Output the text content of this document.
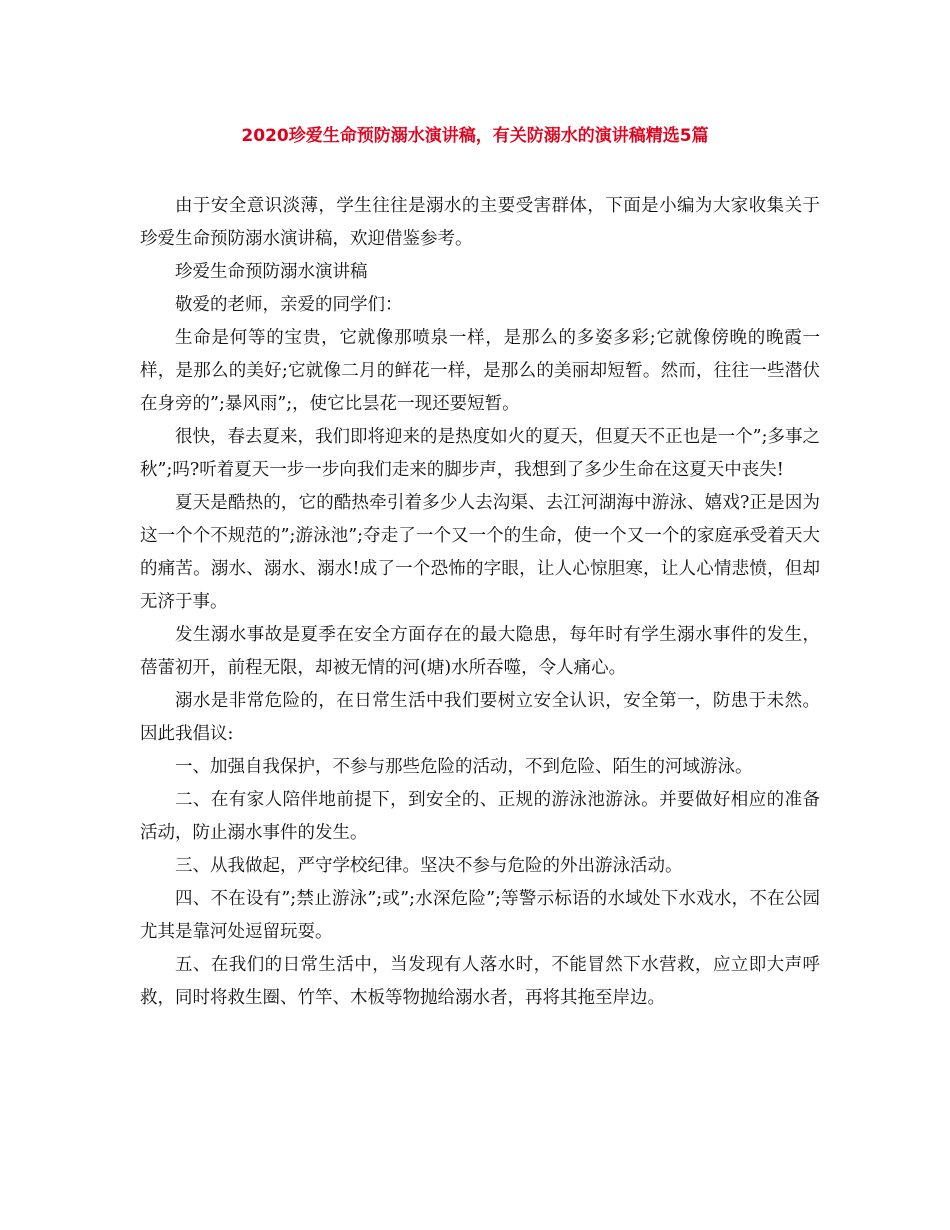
2020珍爱生命预防溺水演讲稿，有关防溺水的演讲稿精选5篇

由于安全意识淡薄，学生往往是溺水的主要受害群体，下面是小编为大家收集关于珍爱生命预防溺水演讲稿，欢迎借鉴参考。

珍爱生命预防溺水演讲稿

敬爱的老师，亲爱的同学们：

生命是何等的宝贵，它就像那喷泉一样，是那么的多姿多彩;它就像傍晚的晚霞一样，是那么的美好;它就像二月的鲜花一样，是那么的美丽却短暂。然而，往往一些潜伏在身旁的”;暴风雨”;，使它比昙花一现还要短暂。

很快，春去夏来，我们即将迎来的是热度如火的夏天，但夏天不正也是一个”;多事之秋”;吗?听着夏天一步一步向我们走来的脚步声，我想到了多少生命在这夏天中丧失!

夏天是酷热的，它的酷热牵引着多少人去沟渠、去江河湖海中游泳、嬉戏?正是因为这一个个不规范的”;游泳池”;夺走了一个又一个的生命，使一个又一个的家庭承受着天大的痛苦。溺水、溺水、溺水!成了一个恐怖的字眼，让人心惊胆寒，让人心情悲愤，但却无济于事。

发生溺水事故是夏季在安全方面存在的最大隐患，每年时有学生溺水事件的发生，蓓蕾初开，前程无限，却被无情的河(塘)水所吞噬，令人痛心。

溺水是非常危险的，在日常生活中我们要树立安全认识，安全第一，防患于未然。因此我倡议:

一、加强自我保护，不参与那些危险的活动，不到危险、陌生的河域游泳。

二、在有家人陪伴地前提下，到安全的、正规的游泳池游泳。并要做好相应的准备活动，防止溺水事件的发生。

三、从我做起，严守学校纪律。坚决不参与危险的外出游泳活动。

四、不在设有”;禁止游泳”;或”;水深危险”;等警示标语的水域处下水戏水，不在公园尤其是靠河处逗留玩耍。

五、在我们的日常生活中，当发现有人落水时，不能冒然下水营救，应立即大声呼救，同时将救生圈、竹竿、木板等物抛给溺水者，再将其拖至岸边。
